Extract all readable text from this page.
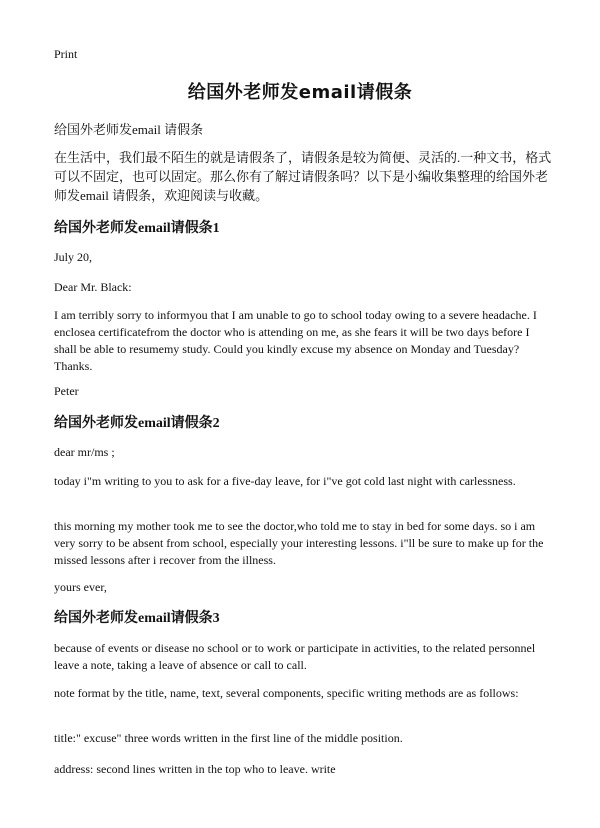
Print
给国外老师发email请假条
给国外老师发email 请假条
在生活中，我们最不陌生的就是请假条了，请假条是较为简便、灵活的.一种文书，格式可以不固定，也可以固定。那么你有了解过请假条吗？以下是小编收集整理的给国外老师发email 请假条，欢迎阅读与收藏。
给国外老师发email请假条1
July 20,
Dear Mr. Black:
I am terribly sorry to informyou that I am unable to go to school today owing to a severe headache. I enclosea certificatefrom the doctor who is attending on me, as she fears it will be two days before I shall be able to resumemy study. Could you kindly excuse my absence on Monday and Tuesday? Thanks.
Peter
给国外老师发email请假条2
dear mr/ms ;
today i"m writing to you to ask for a five-day leave, for i"ve got cold last night with carlessness.
this morning my mother took me to see the doctor,who told me to stay in bed for some days. so i am very sorry to be absent from school, especially your interesting lessons. i"ll be sure to make up for the missed lessons after i recover from the illness.
yours ever,
给国外老师发email请假条3
because of events or disease no school or to work or participate in activities, to the related personnel leave a note, taking a leave of absence or call to call.
note format by the title, name, text, several components, specific writing methods are as follows:
title:" excuse" three words written in the first line of the middle position.
address: second lines written in the top who to leave. write
